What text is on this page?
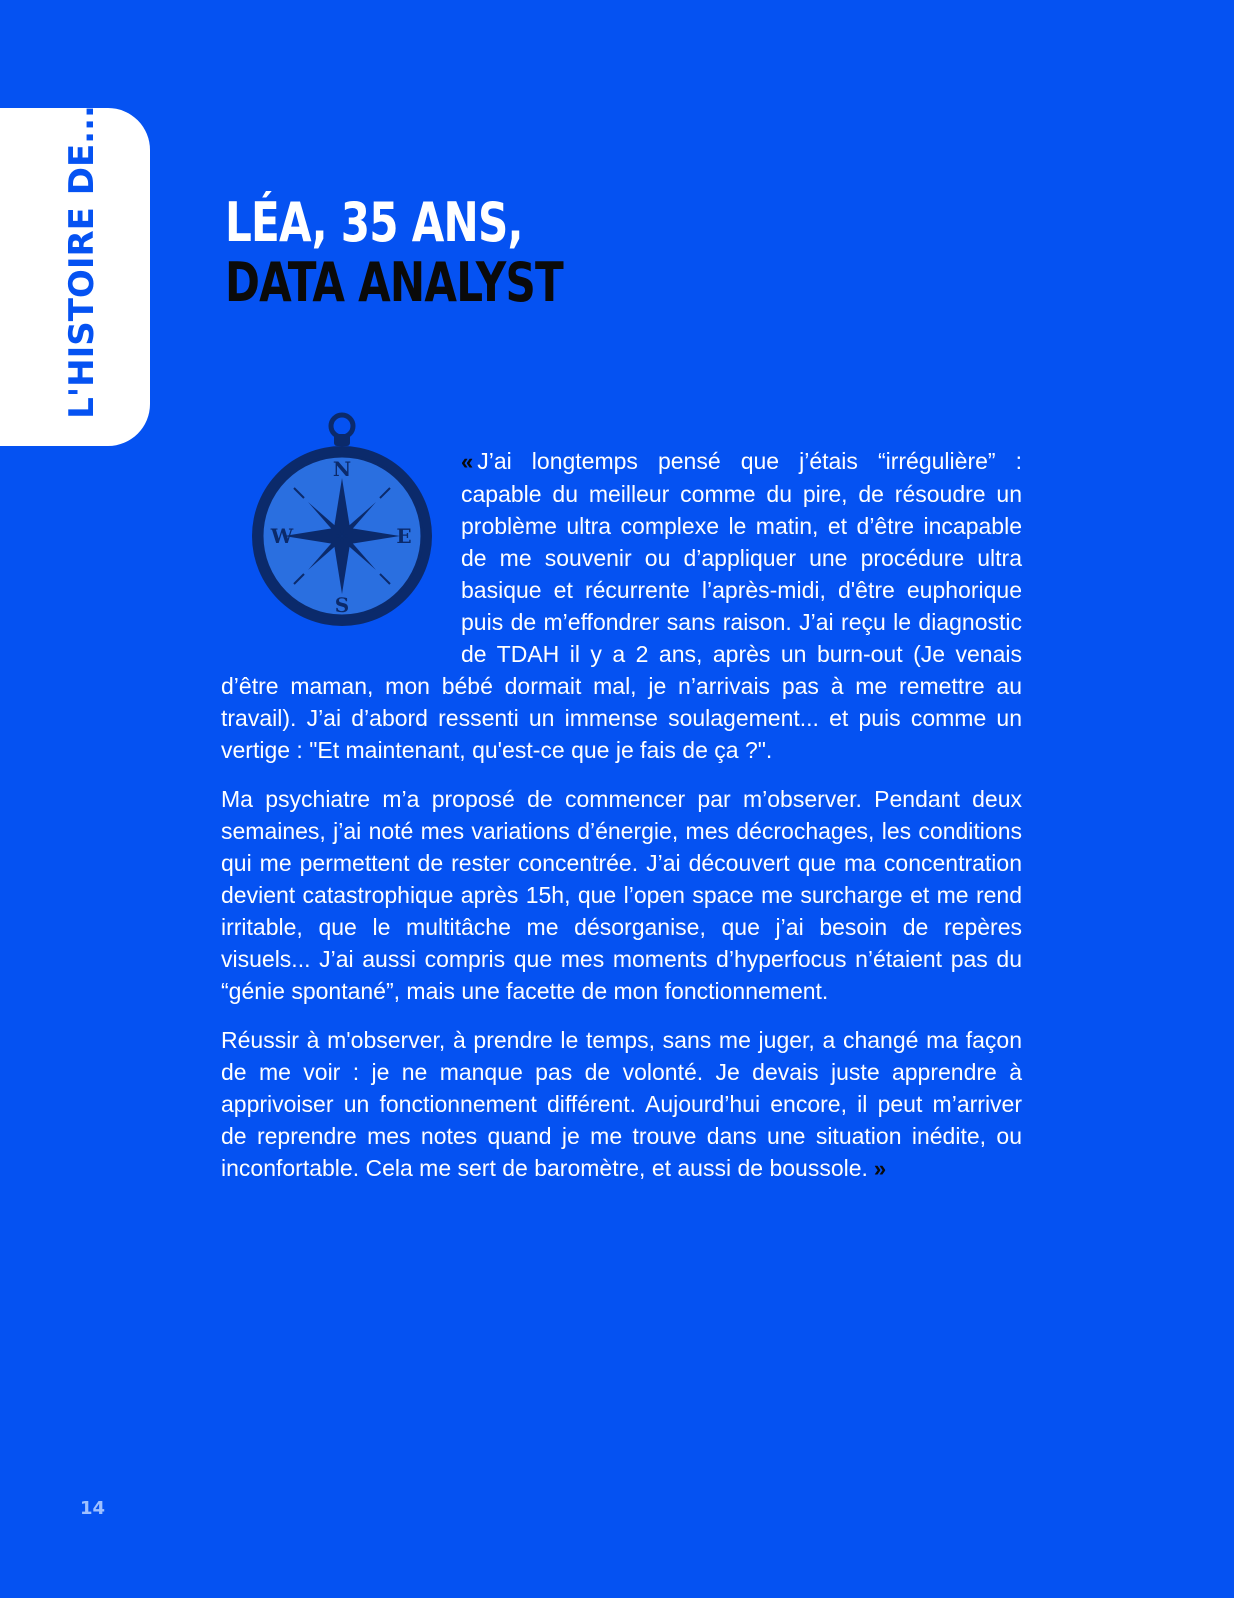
L'HISTOIRE DE... LÉA, 35 ANS,
DATA ANALYST
N
S
W	E

« J’ai longtemps pensé que j’étais “irrégulière” : capable du meilleur comme du pire, de résoudre un problème ultra complexe le matin, et d’être incapable de me souvenir ou d’appliquer une procédure ultra basique et récurrente l’après-midi, d'être euphorique puis de m’effondrer sans raison. J’ai reçu le diagnostic de TDAH il y a 2 ans, après un burn-out (Je venais d’être maman, mon bébé dormait mal, je n’arrivais pas à me remettre au travail). J’ai d’abord ressenti un immense soulagement... et puis comme un vertige : "Et maintenant, qu'est-ce que je fais de ça ?".

Ma psychiatre m’a proposé de commencer par m’observer. Pendant deux semaines, j’ai noté mes variations d’énergie, mes décrochages, les conditions qui me permettent de rester concentrée. J’ai découvert que ma concentration devient catastrophique après 15h, que l’open space me surcharge et me rend irritable, que le multitâche me désorganise, que j’ai besoin de repères visuels... J’ai aussi compris que mes moments d’hyperfocus n’étaient pas du “génie spontané”, mais une facette de mon fonctionnement.

Réussir à m'observer, à prendre le temps, sans me juger, a changé ma façon de me voir : je ne manque pas de volonté. Je devais juste apprendre à apprivoiser un fonctionnement différent. Aujourd’hui encore, il peut m’arriver de reprendre mes notes quand je me trouve dans une situation inédite, ou inconfortable. Cela me sert de baromètre, et aussi de boussole. »

14
